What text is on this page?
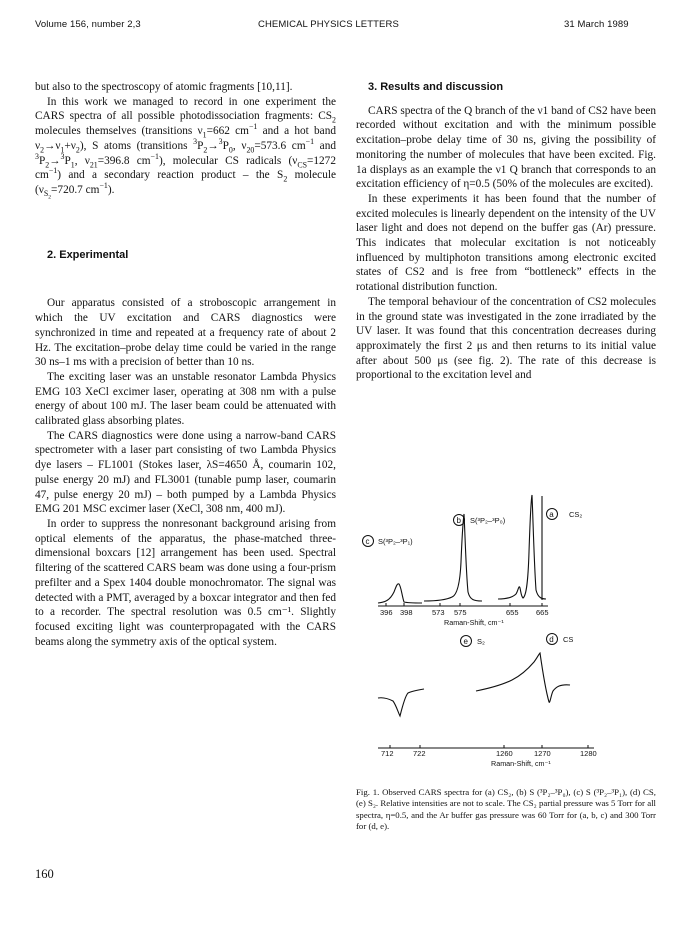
Volume 156, number 2,3	CHEMICAL PHYSICS LETTERS	31 March 1989

but also to the spectroscopy of atomic fragments [10,11].

In this work we managed to record in one experiment the CARS spectra of all possible photodissociation fragments: $CS_2$ molecules themselves (transitions $\nu_1=662$ $cm^{-1}$ and a hot band $\nu_2\to\nu_1+\nu_2$), S atoms (transitions $^3P_2\to^3P_0$, $\nu_{20}=573.6$ $cm^{-1}$ and $^3P_2\to^3P_1$, $\nu_{21}=396.8$ $cm^{-1}$), molecular CS radicals ($\nu_{CS}=1272$ $cm^{-1}$) and a secondary reaction product – the $S_2$ molecule ($\nu_{S_2}=720.7$ $cm^{-1}$).

2. Experimental

Our apparatus consisted of a stroboscopic arrangement in which the UV excitation and CARS diagnostics were synchronized in time and repeated at a frequency rate of about 2 Hz. The excitation–probe delay time could be varied in the range 30 ns–1 ms with a precision of better than 10 ns.

The exciting laser was an unstable resonator Lambda Physics EMG 103 XeCl excimer laser, operating at 308 nm with a pulse energy of about 100 mJ. The laser beam could be attenuated with calibrated glass absorbing plates.

The CARS diagnostics were done using a narrow-band CARS spectrometer with a laser part consisting of two Lambda Physics dye lasers – FL1001 (Stokes laser, λS=4650 Å, coumarin 102, pulse energy 20 mJ) and FL3001 (tunable pump laser, coumarin 47, pulse energy 20 mJ) – both pumped by a Lambda Physics EMG 201 MSC excimer laser (XeCl, 308 nm, 400 mJ).

In order to suppress the nonresonant background arising from optical elements of the apparatus, the phase-matched three-dimensional boxcars [12] arrangement has been used. Spectral filtering of the scattered CARS beam was done using a four-prism prefilter and a Spex 1404 double monochromator. The signal was detected with a PMT, averaged by a boxcar integrator and then fed to a recorder. The spectral resolution was 0.5 cm⁻¹. Slightly focused exciting light was counterpropagated with the CARS beams along the symmetry axis of the optical system.

3. Results and discussion

CARS spectra of the Q branch of the ν1 band of CS2 have been recorded without excitation and with the minimum possible excitation–probe delay time of 30 ns, giving the possibility of monitoring the number of molecules that have been excited. Fig. 1a displays as an example the ν1 Q branch that corresponds to an excitation efficiency of η=0.5 (50% of the molecules are excited).

In these experiments it has been found that the number of excited molecules is linearly dependent on the intensity of the UV laser light and does not depend on the buffer gas (Ar) pressure. This indicates that molecular excitation is not noticeably influenced by multiphoton transitions among electronic excited states of CS2 and is free from “bottleneck” effects in the rotational distribution function.

The temporal behaviour of the concentration of CS2 molecules in the ground state was investigated in the zone irradiated by the UV laser. It was found that this concentration decreases during approximately the first 2 μs and then returns to its initial value after about 500 μs (see fig. 2). The rate of this decrease is proportional to the excitation level and

396 398	573 575	655 665
Raman-Shift, cm⁻¹
c
b
a
S(³P₂–³P₁)
S(³P₂–³P₀)
CS₂
e	d
S₂	CS
712	722	1260	1270	1280
Raman-Shift, cm⁻¹
Fig. 1. Observed CARS spectra for (a) CS₂, (b) S (³P₂–³P₀), (c) S (³P₂–³P₁), (d) CS, (e) S₂. Relative intensities are not to scale. The CS₂ partial pressure was 5 Torr for all spectra, η=0.5, and the Ar buffer gas pressure was 60 Torr for (a, b, c) and 300 Torr for (d, e).
160
